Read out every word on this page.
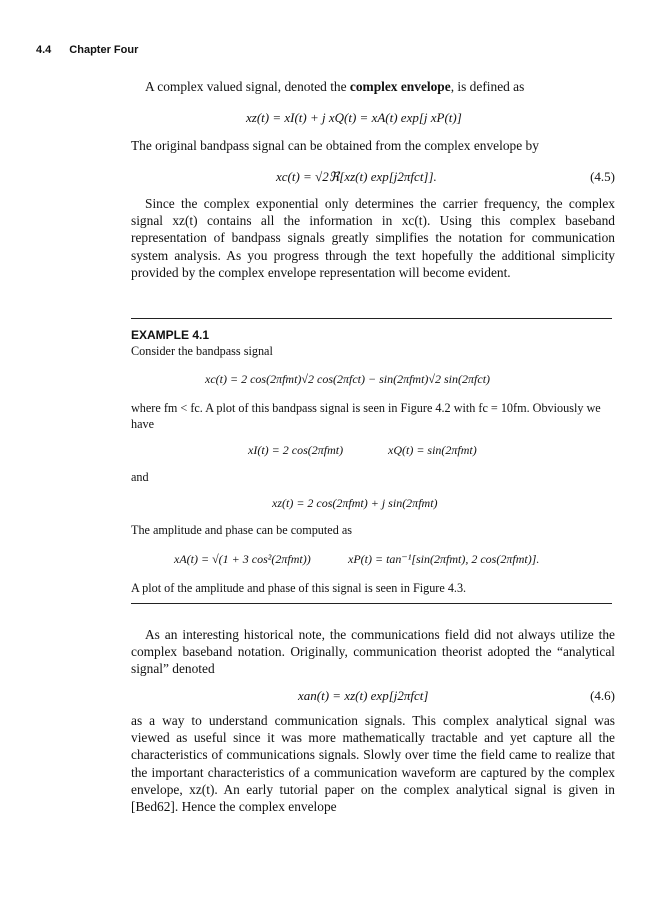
4.4 Chapter Four
A complex valued signal, denoted the complex envelope, is defined as
xz(t) = xI(t) + j xQ(t) = xA(t) exp[j xP(t)]
The original bandpass signal can be obtained from the complex envelope by
xc(t) = √2ℜ[xz(t) exp[j2πfct]].	(4.5)
Since the complex exponential only determines the carrier frequency, the complex signal xz(t) contains all the information in xc(t). Using this complex baseband representation of bandpass signals greatly simplifies the notation for communication system analysis. As you progress through the text hopefully the additional simplicity provided by the complex envelope representation will become evident.
EXAMPLE 4.1
Consider the bandpass signal
xc(t) = 2 cos(2πfmt)√2 cos(2πfct) − sin(2πfmt)√2 sin(2πfct)
where fm < fc. A plot of this bandpass signal is seen in Figure 4.2 with fc = 10fm. Obviously we have
xI(t) = 2 cos(2πfmt)	xQ(t) = sin(2πfmt)
and
xz(t) = 2 cos(2πfmt) + j sin(2πfmt)
The amplitude and phase can be computed as
xA(t) = √(1 + 3 cos²(2πfmt))	xP(t) = tan⁻¹[sin(2πfmt), 2 cos(2πfmt)].
A plot of the amplitude and phase of this signal is seen in Figure 4.3.
As an interesting historical note, the communications field did not always utilize the complex baseband notation. Originally, communication theorist adopted the “analytical signal” denoted
xan(t) = xz(t) exp[j2πfct]	(4.6)
as a way to understand communication signals. This complex analytical signal was viewed as useful since it was more mathematically tractable and yet capture all the characteristics of communications signals. Slowly over time the field came to realize that the important characteristics of a communication waveform are captured by the complex envelope, xz(t). An early tutorial paper on the complex analytical signal is given in [Bed62]. Hence the complex envelope
